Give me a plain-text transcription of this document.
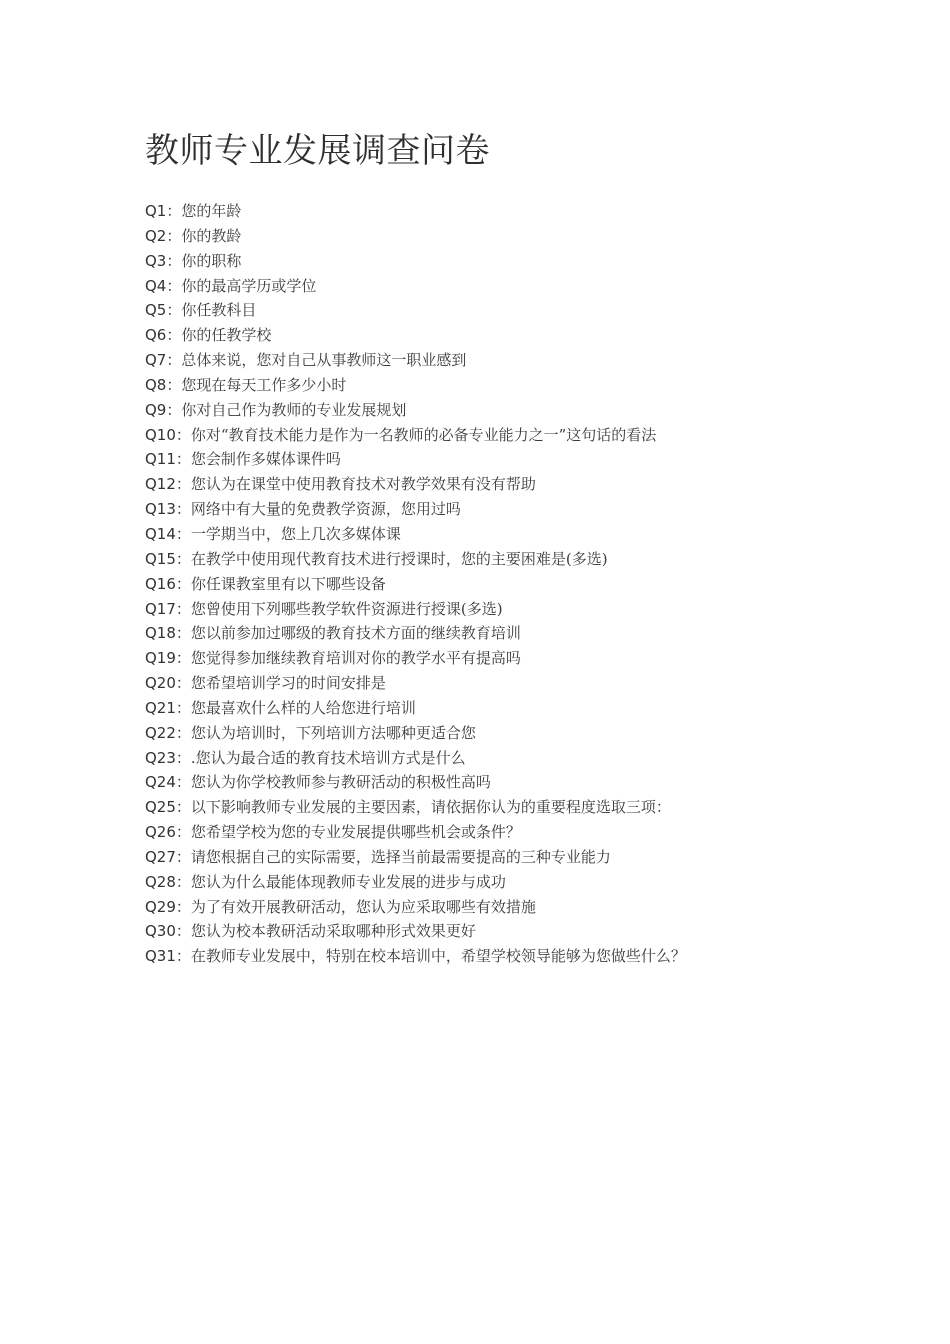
教师专业发展调查问卷
Q1：您的年龄
Q2：你的教龄
Q3：你的职称
Q4：你的最高学历或学位
Q5：你任教科目
Q6：你的任教学校
Q7：总体来说，您对自己从事教师这一职业感到
Q8：您现在每天工作多少小时
Q9：你对自己作为教师的专业发展规划
Q10：你对“教育技术能力是作为一名教师的必备专业能力之一”这句话的看法
Q11：您会制作多媒体课件吗
Q12：您认为在课堂中使用教育技术对教学效果有没有帮助
Q13：网络中有大量的免费教学资源，您用过吗
Q14：一学期当中，您上几次多媒体课
Q15：在教学中使用现代教育技术进行授课时，您的主要困难是(多选)
Q16：你任课教室里有以下哪些设备
Q17：您曾使用下列哪些教学软件资源进行授课(多选)
Q18：您以前参加过哪级的教育技术方面的继续教育培训
Q19：您觉得参加继续教育培训对你的教学水平有提高吗
Q20：您希望培训学习的时间安排是
Q21：您最喜欢什么样的人给您进行培训
Q22：您认为培训时，下列培训方法哪种更适合您
Q23：.您认为最合适的教育技术培训方式是什么
Q24：您认为你学校教师参与教研活动的积极性高吗
Q25：以下影响教师专业发展的主要因素，请依据你认为的重要程度选取三项：
Q26：您希望学校为您的专业发展提供哪些机会或条件？
Q27：请您根据自己的实际需要，选择当前最需要提高的三种专业能力
Q28：您认为什么最能体现教师专业发展的进步与成功
Q29：为了有效开展教研活动，您认为应采取哪些有效措施
Q30：您认为校本教研活动采取哪种形式效果更好
Q31：在教师专业发展中，特别在校本培训中，希望学校领导能够为您做些什么？
